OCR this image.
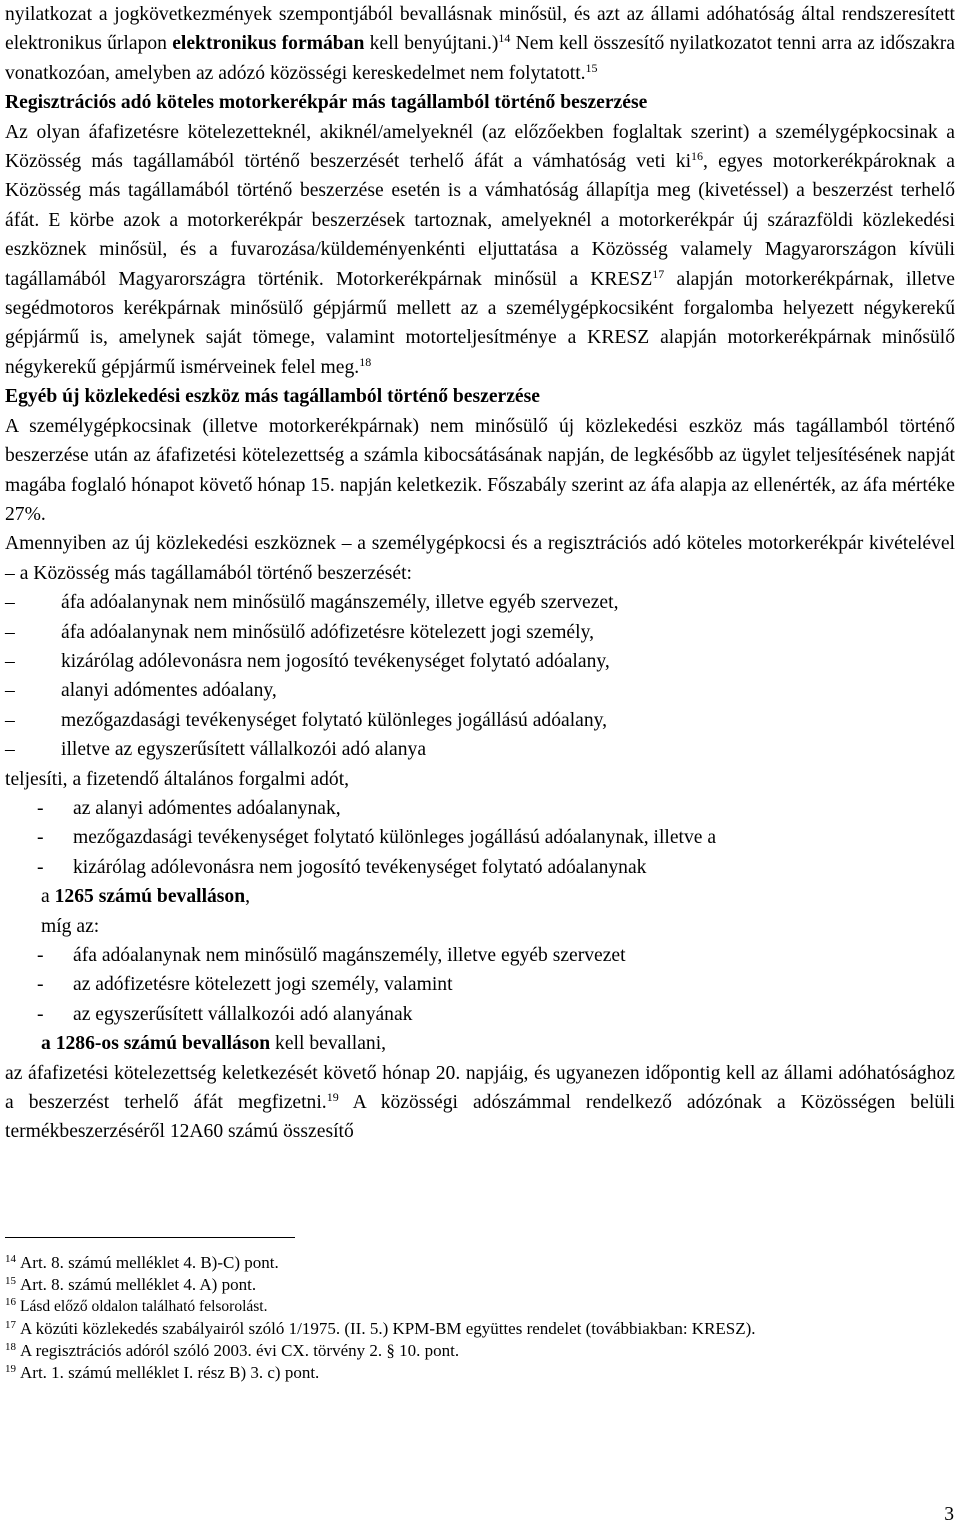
nyilatkozat a jogkövetkezmények szempontjából bevallásnak minősül, és azt az állami adóhatóság által rendszeresített elektronikus űrlapon elektronikus formában kell benyújtani.)$^{14}$ Nem kell összesítő nyilatkozatot tenni arra az időszakra vonatkozóan, amelyben az adózó közösségi kereskedelmet nem folytatott.$^{15}$

Regisztrációs adó köteles motorkerékpár más tagállamból történő beszerzése

Az olyan áfafizetésre kötelezetteknél, akiknél/amelyeknél (az előzőekben foglaltak szerint) a személygépkocsinak a Közösség más tagállamából történő beszerzését terhelő áfát a vámhatóság veti $ki^{16}$, egyes motorkerékpároknak a Közösség más tagállamából történő beszerzése esetén is a vámhatóság állapítja meg (kivetéssel) a beszerzést terhelő áfát. E körbe azok a motorkerékpár beszerzések tartoznak, amelyeknél a motorkerékpár új szárazföldi közlekedési eszköznek minősül, és a fuvarozása/küldeményenkénti eljuttatása a Közösség valamely Magyarországon kívüli tagállamából Magyarországra történik. Motorkerékpárnak minősül a KRESZ$^{17}$ alapján motorkerékpárnak, illetve segédmotoros kerékpárnak minősülő gépjármű mellett az a személygépkocsiként forgalomba helyezett négykerekű gépjármű is, amelynek saját tömege, valamint motorteljesítménye a KRESZ alapján motorkerékpárnak minősülő négykerekű gépjármű ismérveinek felel meg.$^{18}$

Egyéb új közlekedési eszköz más tagállamból történő beszerzése

A személygépkocsinak (illetve motorkerékpárnak) nem minősülő új közlekedési eszköz más tagállamból történő beszerzése után az áfafizetési kötelezettség a számla kibocsátásának napján, de legkésőbb az ügylet teljesítésének napját magába foglaló hónapot követő hónap 15. napján keletkezik. Főszabály szerint az áfa alapja az ellenérték, az áfa mértéke 27%.

Amennyiben az új közlekedési eszköznek – a személygépkocsi és a regisztrációs adó köteles motorkerékpár kivételével – a Közösség más tagállamából történő beszerzését:

–	áfa adóalanynak nem minősülő magánszemély, illetve egyéb szervezet,
–	áfa adóalanynak nem minősülő adófizetésre kötelezett jogi személy,
–	kizárólag adólevonásra nem jogosító tevékenységet folytató adóalany,
–	alanyi adómentes adóalany,
–	mezőgazdasági tevékenységet folytató különleges jogállású adóalany,
–	illetve az egyszerűsített vállalkozói adó alanya

teljesíti, a fizetendő általános forgalmi adót,

-	az alanyi adómentes adóalanynak,
-	mezőgazdasági tevékenységet folytató különleges jogállású adóalanynak, illetve a
-	kizárólag adólevonásra nem jogosító tevékenységet folytató adóalanynak

a 1265 számú bevalláson,

míg az:

-	áfa adóalanynak nem minősülő magánszemély, illetve egyéb szervezet
-	az adófizetésre kötelezett jogi személy, valamint
-	az egyszerűsített vállalkozói adó alanyának

a 1286-os számú bevalláson kell bevallani,

az áfafizetési kötelezettség keletkezését követő hónap 20. napjáig, és ugyanezen időpontig kell az állami adóhatósághoz a beszerzést terhelő áfát megfizetni.$^{19}$ A közösségi adószámmal rendelkező adózónak a Közösségen belüli termékbeszerzéséről 12A60 számú összesítő

$^{14}$ Art. 8. számú melléklet 4. B)-C) pont.

$^{15}$ Art. 8. számú melléklet 4. A) pont.

$^{16}$ Lásd előző oldalon található felsorolást.

$^{17}$ A közúti közlekedés szabályairól szóló 1/1975. (II. 5.) KPM-BM együttes rendelet (továbbiakban: KRESZ).

$^{18}$ A regisztrációs adóról szóló 2003. évi CX. törvény 2. § 10. pont.

$^{19}$ Art. 1. számú melléklet I. rész B) 3. c) pont.

3
